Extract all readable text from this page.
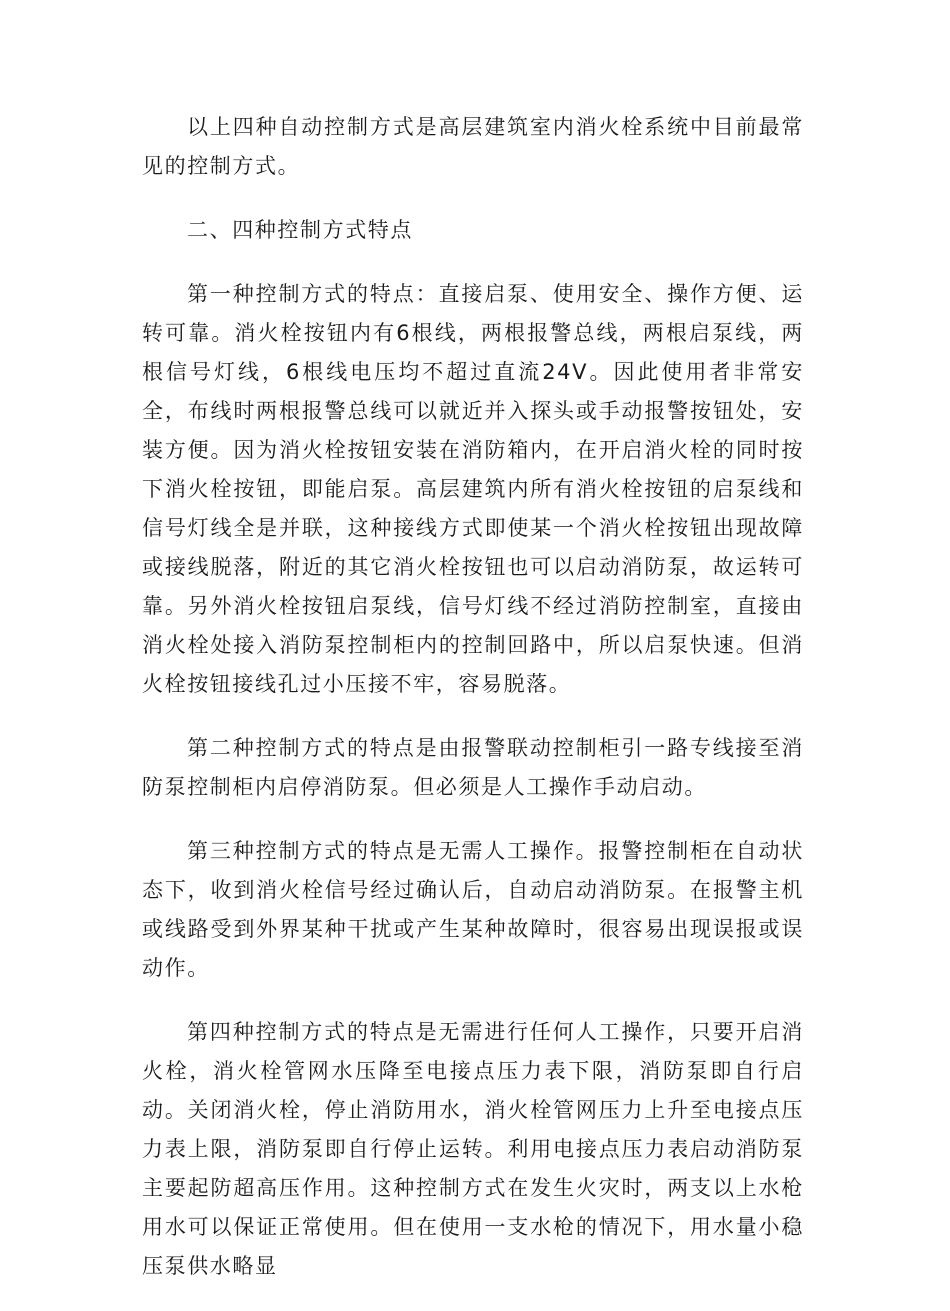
以上四种自动控制方式是高层建筑室内消火栓系统中目前最常见的控制方式。

二、四种控制方式特点

第一种控制方式的特点：直接启泵、使用安全、操作方便、运转可靠。消火栓按钮内有6根线，两根报警总线，两根启泵线，两根信号灯线，6根线电压均不超过直流24V。因此使用者非常安全，布线时两根报警总线可以就近并入探头或手动报警按钮处，安装方便。因为消火栓按钮安装在消防箱内，在开启消火栓的同时按下消火栓按钮，即能启泵。高层建筑内所有消火栓按钮的启泵线和信号灯线全是并联，这种接线方式即使某一个消火栓按钮出现故障或接线脱落，附近的其它消火栓按钮也可以启动消防泵，故运转可靠。另外消火栓按钮启泵线，信号灯线不经过消防控制室，直接由消火栓处接入消防泵控制柜内的控制回路中，所以启泵快速。但消火栓按钮接线孔过小压接不牢，容易脱落。

第二种控制方式的特点是由报警联动控制柜引一路专线接至消防泵控制柜内启停消防泵。但必须是人工操作手动启动。

第三种控制方式的特点是无需人工操作。报警控制柜在自动状态下，收到消火栓信号经过确认后，自动启动消防泵。在报警主机或线路受到外界某种干扰或产生某种故障时，很容易出现误报或误动作。

第四种控制方式的特点是无需进行任何人工操作，只要开启消火栓，消火栓管网水压降至电接点压力表下限，消防泵即自行启动。关闭消火栓，停止消防用水，消火栓管网压力上升至电接点压力表上限，消防泵即自行停止运转。利用电接点压力表启动消防泵主要起防超高压作用。这种控制方式在发生火灾时，两支以上水枪用水可以保证正常使用。但在使用一支水枪的情况下，用水量小稳压泵供水略显
